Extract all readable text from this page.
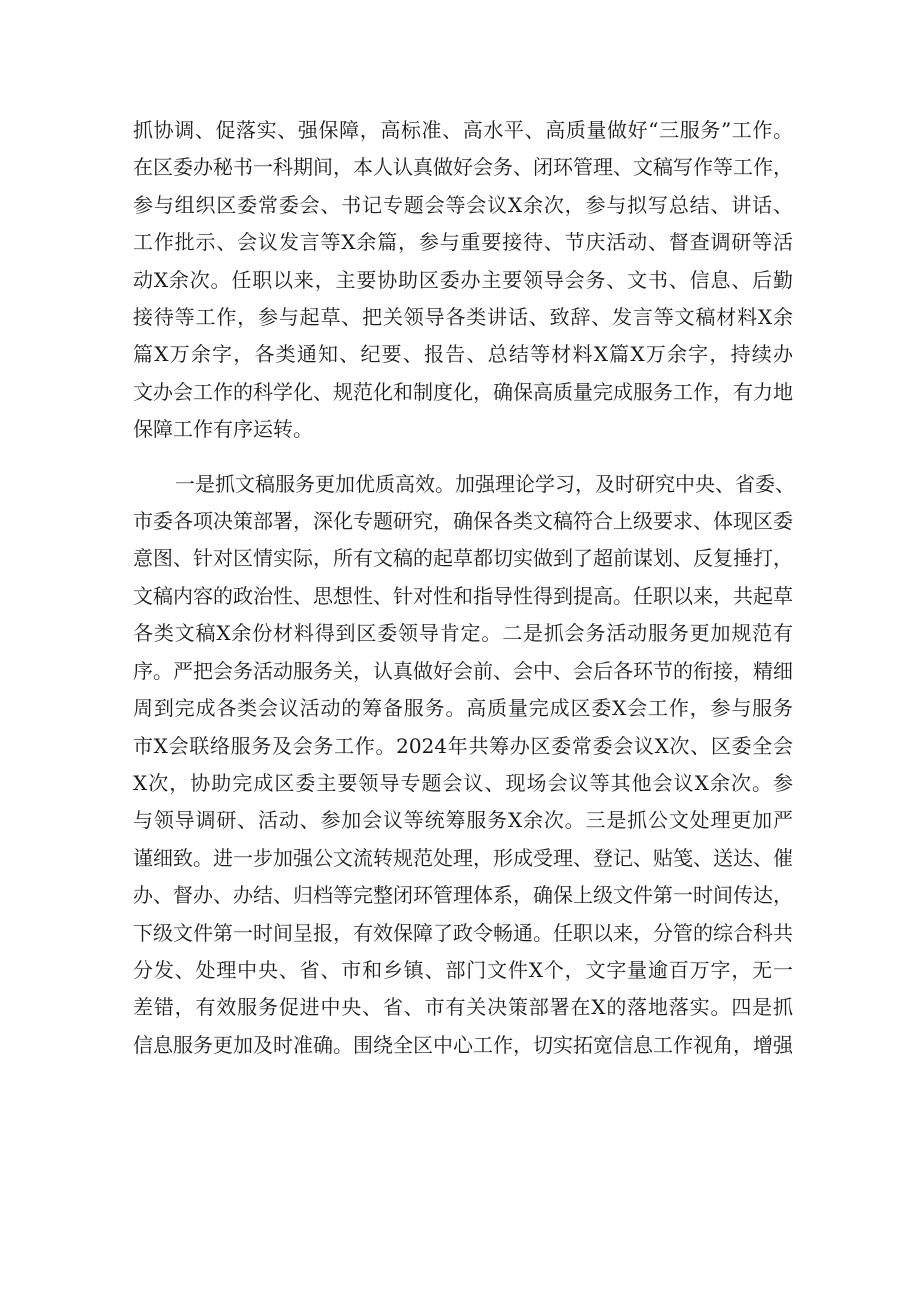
抓协调、促落实、强保障，高标准、高水平、高质量做好“三服务”工作。
在区委办秘书一科期间，本人认真做好会务、闭环管理、文稿写作等工作，
参与组织区委常委会、书记专题会等会议X余次，参与拟写总结、讲话、
工作批示、会议发言等X余篇，参与重要接待、节庆活动、督查调研等活
动X余次。任职以来，主要协助区委办主要领导会务、文书、信息、后勤
接待等工作，参与起草、把关领导各类讲话、致辞、发言等文稿材料X余
篇X万余字，各类通知、纪要、报告、总结等材料X篇X万余字，持续办
文办会工作的科学化、规范化和制度化，确保高质量完成服务工作，有力地
保障工作有序运转。

一是抓文稿服务更加优质高效。加强理论学习，及时研究中央、省委、
市委各项决策部署，深化专题研究，确保各类文稿符合上级要求、体现区委
意图、针对区情实际，所有文稿的起草都切实做到了超前谋划、反复捶打，
文稿内容的政治性、思想性、针对性和指导性得到提高。任职以来，共起草
各类文稿X余份材料得到区委领导肯定。二是抓会务活动服务更加规范有
序。严把会务活动服务关，认真做好会前、会中、会后各环节的衔接，精细
周到完成各类会议活动的筹备服务。高质量完成区委X会工作，参与服务
市X会联络服务及会务工作。2024年共筹办区委常委会议X次、区委全会
X次，协助完成区委主要领导专题会议、现场会议等其他会议X余次。参
与领导调研、活动、参加会议等统筹服务X余次。三是抓公文处理更加严
谨细致。进一步加强公文流转规范处理，形成受理、登记、贴笺、送达、催
办、督办、办结、归档等完整闭环管理体系，确保上级文件第一时间传达，
下级文件第一时间呈报，有效保障了政令畅通。任职以来，分管的综合科共
分发、处理中央、省、市和乡镇、部门文件X个，文字量逾百万字，无一
差错，有效服务促进中央、省、市有关决策部署在X的落地落实。四是抓
信息服务更加及时准确。围绕全区中心工作，切实拓宽信息工作视角，增强
